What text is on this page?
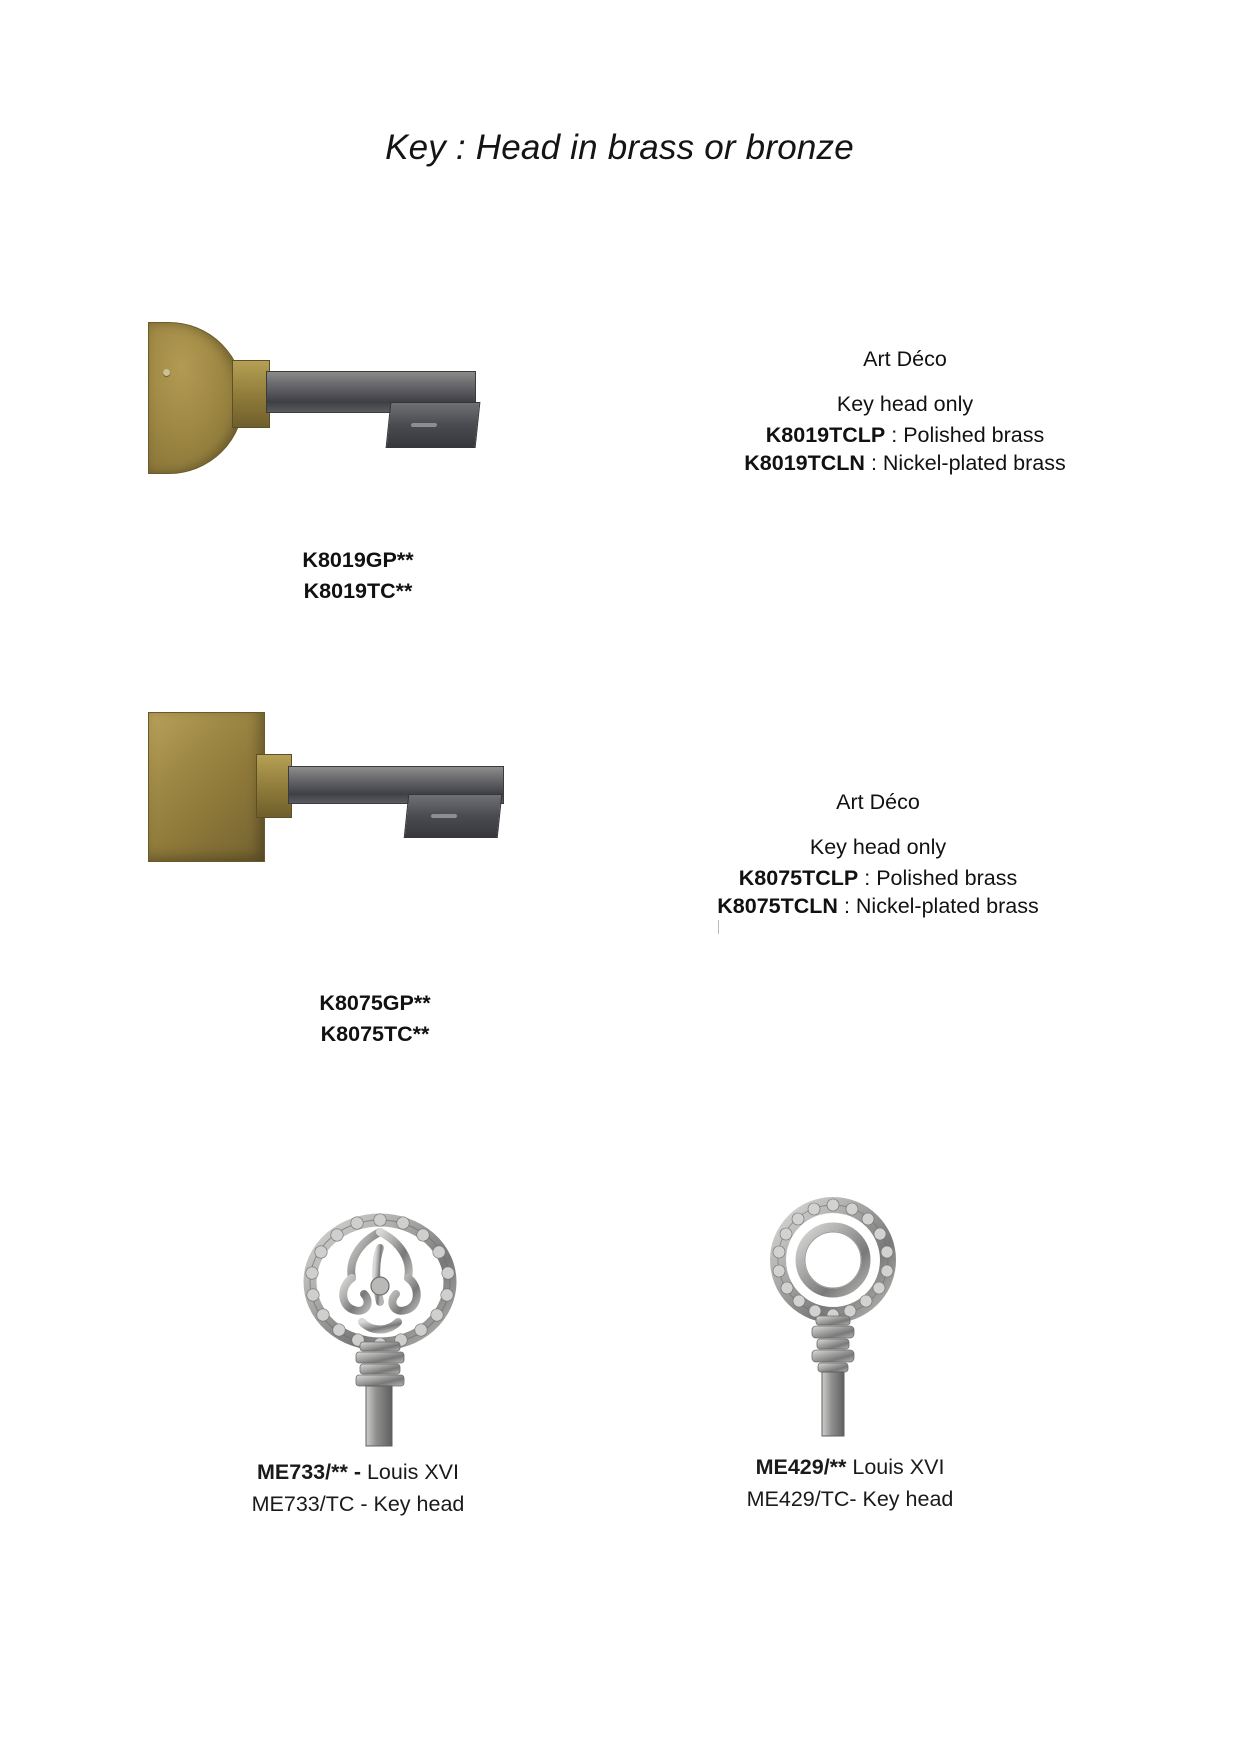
Key : Head in brass or bronze
K8019GP**
K8019TC**
Art Déco
Key head only
K8019TCLP : Polished brass
K8019TCLN : Nickel-plated brass
K8075GP**
K8075TC**
Art Déco
Key head only
K8075TCLP : Polished brass
K8075TCLN : Nickel-plated brass
ME733/** - Louis XVI
ME733/TC - Key head
ME429/** Louis XVI
ME429/TC- Key head
